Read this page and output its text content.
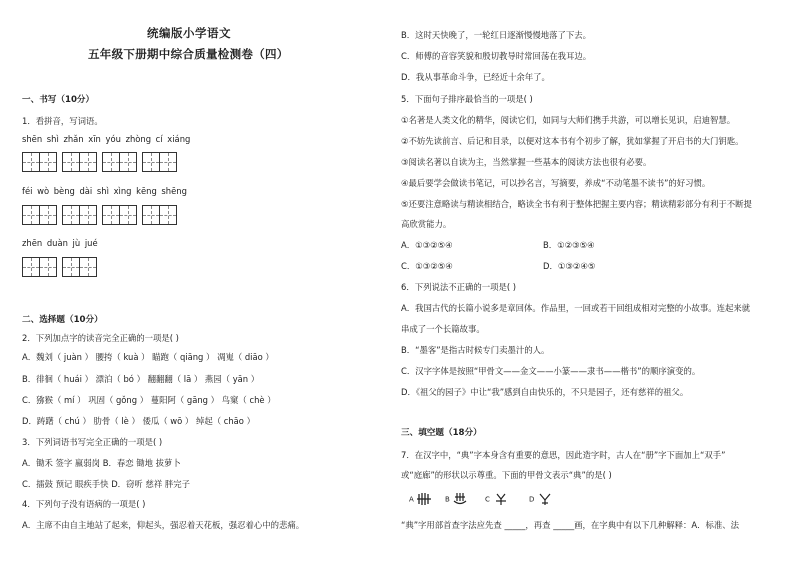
统编版小学语文
五年级下册期中综合质量检测卷（四）
一、书写（10分）
1．看拼音，写词语。
shēn shì zhǎn xīn yóu zhòng cí xiáng
féi wò bèng dài shì xìng kēng shēng
zhēn duàn jù jué
二、选择题（10分）
2．下列加点字的读音完全正确的一项是( )
A．魏刘（ juàn ） 腰挎（ kuà ） 瞄跑（ qiāng ） 凋嵬（ diāo ）
B．徘徊（ huái ） 漂泊（ bó ） 翻翻翻（ lā ） 燕园（ yān ）
C．猕猴（ mí ） 巩固（ gǒng ） 蔓阳阿（ gāng ） 鸟窠（ chè ）
D．踌躇（ chú ） 肋骨（ lè ） 倭瓜（ wō ） 绰起（ chāo ）
3．下列词语书写完全正确的一项是( )
A．锄禾 签字 嬴弱岗 B．春恋 锄地 拔萝卜
C．擂鼓 预记 眼疾手快 D．窃听 慈祥 胖完子
4．下列句子没有语病的一项是( )
A．主席不由自主地站了起来，仰起头，强忍着天花板，强忍着心中的悲痛。
B．这时天快晚了，一轮红日逐渐慢慢地落了下去。
C．师傅的音容笑貌和殷切教导时常回荡在我耳边。
D．我从事革命斗争，已经近十余年了。
5．下面句子排序最恰当的一项是( )
①名著是人类文化的精华，阅读它们，如同与大师们携手共游，可以增长见识，启迪智慧。
②不妨先读前言、后记和目录，以便对这本书有个初步了解，犹如掌握了开启书的大门钥匙。
③阅读名著以自读为主，当然掌握一些基本的阅读方法也很有必要。
④最后要学会做读书笔记，可以抄名言，写摘要，养成“不动笔墨不读书”的好习惯。
⑤还要注意略读与精读相结合，略读全书有利于整体把握主要内容；精读精彩部分有利于不断提
高欣赏能力。
A．①③②⑤④	B．①②③⑤④
C．①③②⑤④	D．①③②④⑤
6．下列说法不正确的一项是( )
A．我国古代的长篇小说多是章回体。作品里，一回或若干回组成相对完整的小故事。连起来就
串成了一个长篇故事。
B．“墨客”是指古时候专门卖墨汁的人。
C．汉字字体是按照“甲骨文——金文——小篆——隶书——楷书”的顺序演变的。
D．《祖父的园子》中让“我”感到自由快乐的，不只是园子，还有慈祥的祖父。
三、填空题（18分）
7．在汉字中，“典”字本身含有重要的意思，因此造字时，古人在“册”字下面加上“双手”
或“庭廊”的形状以示尊重。下面的甲骨文表示“典”的是( )
A	B	C	D
“典”字用部首查字法应先查 _____，再查 _____画，在字典中有以下几种解释：A．标准、法
